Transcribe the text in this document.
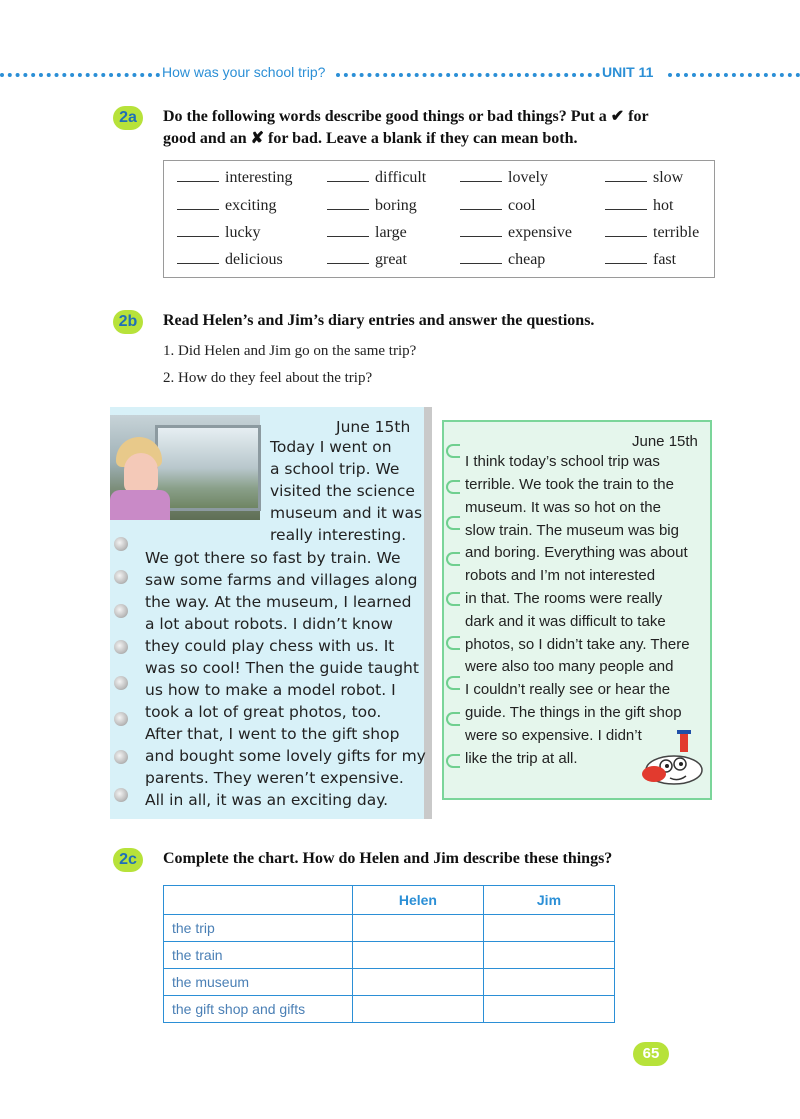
How was your school trip?	UNIT 11
2a	Do the following words describe good things or bad things? Put a ✔ for
good and an ✘ for bad. Leave a blank if they can mean both.
interesting	difficult	lovely	slow
exciting	boring	cool	hot
lucky	large	expensive	terrible
delicious	great	cheap	fast
2b	Read Helen’s and Jim’s diary entries and answer the questions.
1. Did Helen and Jim go on the same trip?
2. How do they feel about the trip?
June 15th
Today I went on
a school trip. We
visited the science
museum and it was
really interesting.
We got there so fast by train. We
saw some farms and villages along
the way. At the museum, I learned
a lot about robots. I didn’t know
they could play chess with us. It
was so cool! Then the guide taught
us how to make a model robot. I
took a lot of great photos, too.
After that, I went to the gift shop
and bought some lovely gifts for my
parents. They weren’t expensive.
All in all, it was an exciting day.
June 15th
I think today’s school trip was
terrible. We took the train to the
museum. It was so hot on the
slow train. The museum was big
and boring. Everything was about
robots and I’m not interested
in that. The rooms were really
dark and it was difficult to take
photos, so I didn’t take any. There
were also too many people and
I couldn’t really see or hear the
guide. The things in the gift shop
were so expensive. I didn’t
like the trip at all.
2c	Complete the chart. How do Helen and Jim describe these things?
	Helen	Jim
the trip		
the train		
the museum		
the gift shop and gifts		
65
